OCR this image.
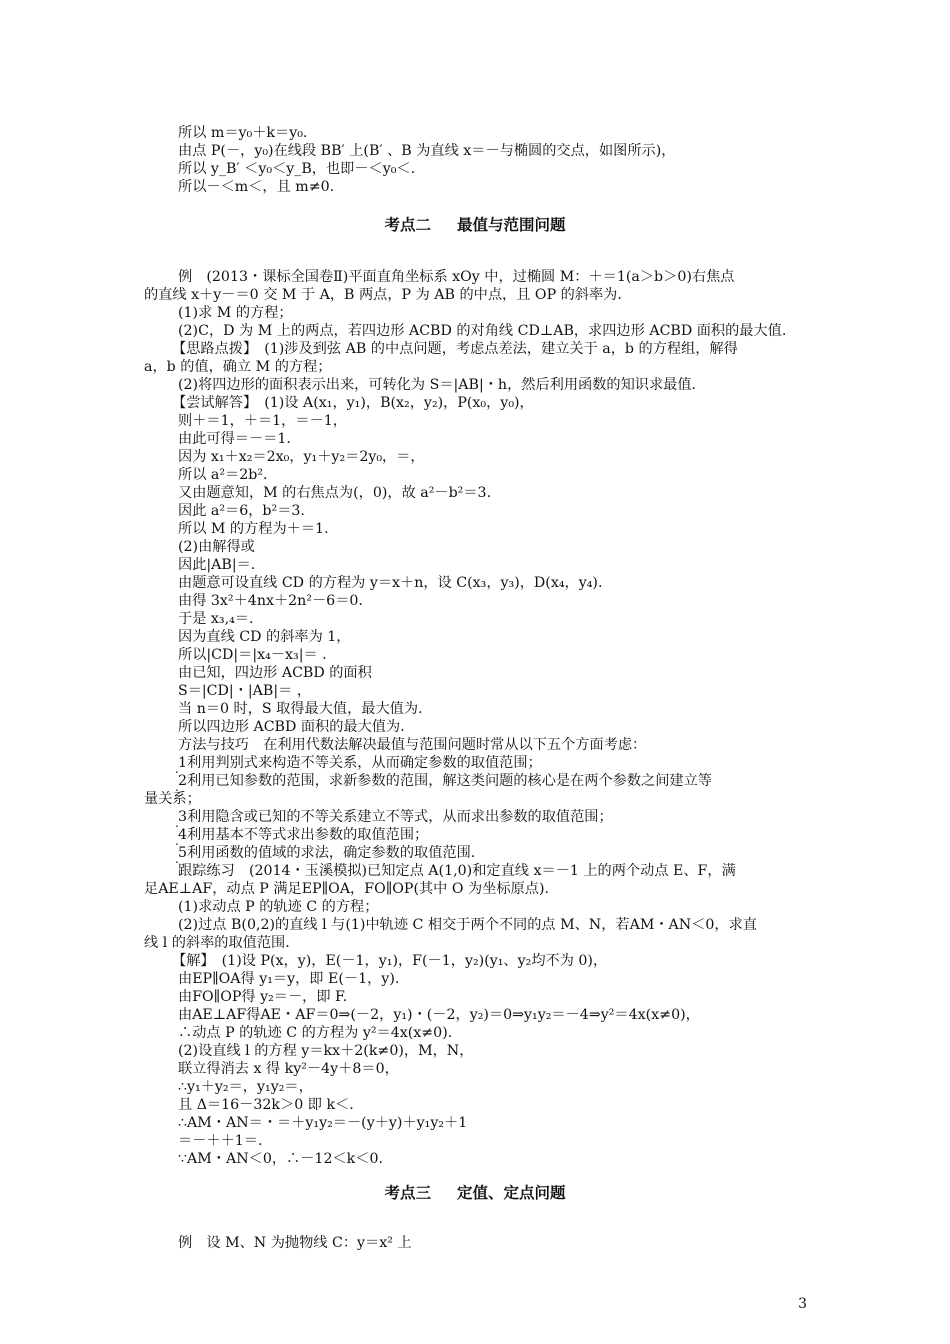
所以 m＝y₀＋k＝y₀.
由点 P(－，y₀)在线段 BB′ 上(B′ 、B 为直线 x＝－与椭圆的交点，如图所示)，
所以 y_B′ ＜y₀＜y_B，也即－＜y₀＜.
所以－＜m＜，且 m≠0.
考点二 最值与范围问题
例　(2013・课标全国卷Ⅱ)平面直角坐标系 xOy 中，过椭圆 M：＋＝1(a＞b＞0)右焦点
的直线 x＋y－＝0 交 M 于 A，B 两点，P 为 AB 的中点，且 OP 的斜率为.
(1)求 M 的方程；
(2)C，D 为 M 上的两点，若四边形 ACBD 的对角线 CD⊥AB，求四边形 ACBD 面积的最大值.
【思路点拨】　(1)涉及到弦 AB 的中点问题，考虑点差法，建立关于 a，b 的方程组，解得
a，b 的值，确立 M 的方程；
(2)将四边形的面积表示出来，可转化为 S＝|AB|・h，然后利用函数的知识求最值.
【尝试解答】　(1)设 A(x₁，y₁)，B(x₂，y₂)，P(x₀，y₀)，
则＋＝1，＋＝1，＝－1，
由此可得＝－＝1.
因为 x₁＋x₂＝2x₀，y₁＋y₂＝2y₀，＝，
所以 a²＝2b².
又由题意知，M 的右焦点为(，0)，故 a²－b²＝3.
因此 a²＝6，b²＝3.
所以 M 的方程为＋＝1.
(2)由解得或
因此|AB|＝.
由题意可设直线 CD 的方程为 y＝x＋n，设 C(x₃，y₃)，D(x₄，y₄).
由得 3x²＋4nx＋2n²－6＝0.
于是 x₃,₄＝.
因为直线 CD 的斜率为 1，
所以|CD|＝|x₄－x₃|＝ .
由已知，四边形 ACBD 的面积
S＝|CD|・|AB|＝ ，
当 n＝0 时，S 取得最大值，最大值为.
所以四边形 ACBD 面积的最大值为.
方法与技巧　在利用代数法解决最值与范围问题时常从以下五个方面考虑：
. 1利用判别式来构造不等关系，从而确定参数的取值范围；
. 2利用已知参数的范围，求新参数的范围，解这类问题的核心是在两个参数之间建立等
量关系；
. 3利用隐含或已知的不等关系建立不等式，从而求出参数的取值范围；
. 4利用基本不等式求出参数的取值范围；
. 5利用函数的值域的求法，确定参数的取值范围.
跟踪练习　(2014・玉溪模拟)已知定点 A(1,0)和定直线 x＝－1 上的两个动点 E、F，满
足AE⊥AF，动点 P 满足EP∥OA，FO∥OP(其中 O 为坐标原点).
(1)求动点 P 的轨迹 C 的方程；
(2)过点 B(0,2)的直线 l 与(1)中轨迹 C 相交于两个不同的点 M、N，若AM・AN＜0，求直
线 l 的斜率的取值范围.
【解】　(1)设 P(x，y)，E(－1，y₁)，F(－1，y₂)(y₁、y₂均不为 0)，
由EP∥OA得 y₁＝y，即 E(－1，y).
由FO∥OP得 y₂＝－，即 F.
由AE⊥AF得AE・AF＝0⇒(－2，y₁)・(－2，y₂)＝0⇒y₁y₂＝－4⇒y²＝4x(x≠0)，
∴动点 P 的轨迹 C 的方程为 y²＝4x(x≠0).
(2)设直线 l 的方程 y＝kx＋2(k≠0)，M，N，
联立得消去 x 得 ky²－4y＋8＝0，
∴y₁＋y₂＝，y₁y₂＝，
且 Δ＝16－32k＞0 即 k＜.
∴AM・AN＝・＝＋y₁y₂＝－(y＋y)＋y₁y₂＋1
＝－＋＋1＝.
∵AM・AN＜0，∴－12＜k＜0.
考点三 定值、定点问题
例　设 M、N 为抛物线 C：y＝x² 上
3
